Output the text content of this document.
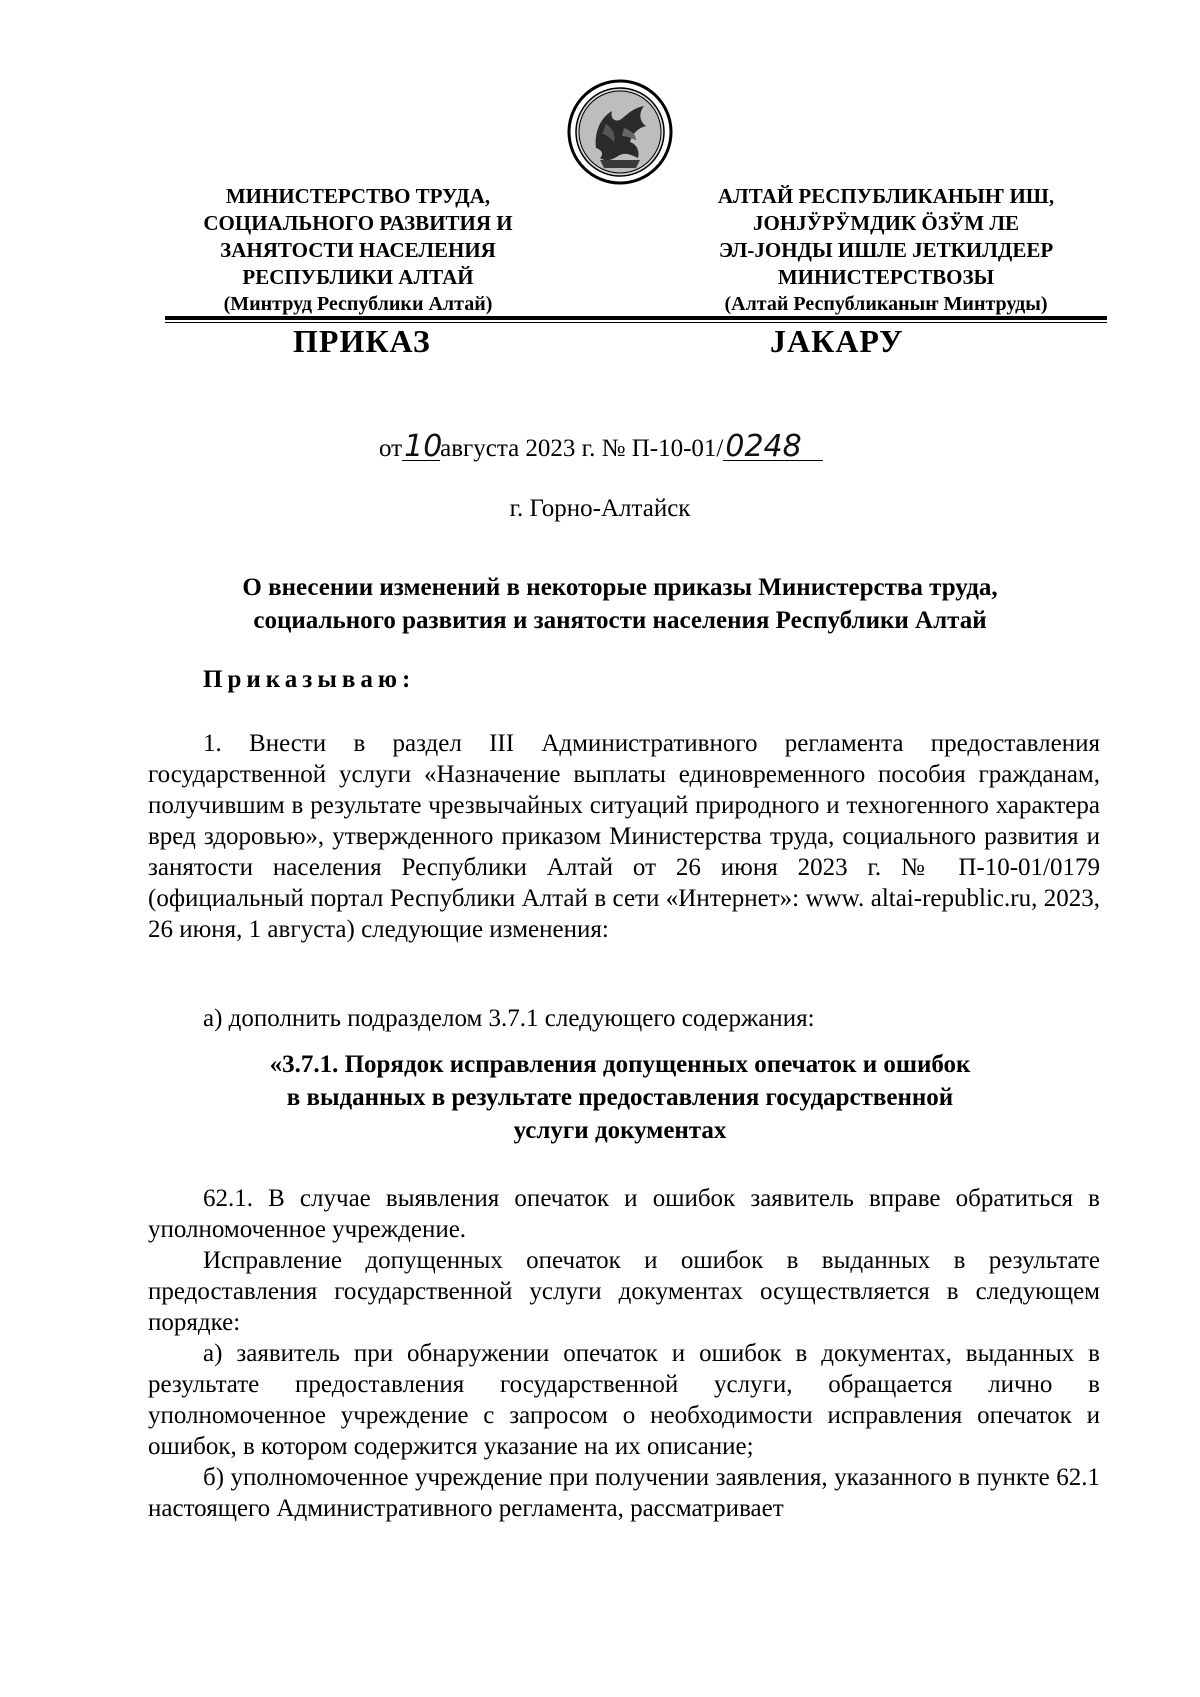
МИНИСТЕРСТВО ТРУДА,
СОЦИАЛЬНОГО РАЗВИТИЯ И
ЗАНЯТОСТИ НАСЕЛЕНИЯ
РЕСПУБЛИКИ АЛТАЙ
(Минтруд Республики Алтай)
АЛТАЙ РЕСПУБЛИКАНЫҤ ИШ,
ЈОНЈӰРӰМДИК ÖЗӰМ ЛЕ
ЭЛ-ЈОНДЫ ИШЛЕ ЈЕТКИЛДЕЕР
МИНИСТЕРСТВОЗЫ
(Алтай Республиканыҥ Минтруды)
ПРИКАЗ	ЈАКАРУ
от10августа 2023 г. № П-10-01/0248
г. Горно-Алтайск
О внесении изменений в некоторые приказы Министерства труда,
социального развития и занятости населения Республики Алтай
Приказываю:

1. Внести в раздел III Административного регламента предоставления государственной услуги «Назначение выплаты единовременного пособия гражданам, получившим в результате чрезвычайных ситуаций природного и техногенного характера вред здоровью», утвержденного приказом Министерства труда, социального развития и занятости населения Республики Алтай от 26 июня 2023 г. № П-10-01/0179 (официальный портал Республики Алтай в сети «Интернет»: www. altai-republic.ru, 2023, 26 июня, 1 августа) следующие изменения:

а) дополнить подразделом 3.7.1 следующего содержания:

«3.7.1. Порядок исправления допущенных опечаток и ошибок
в выданных в результате предоставления государственной
услуги документах

62.1. В случае выявления опечаток и ошибок заявитель вправе обратиться в уполномоченное учреждение.

Исправление допущенных опечаток и ошибок в выданных в результате предоставления государственной услуги документах осуществляется в следующем порядке:

а) заявитель при обнаружении опечаток и ошибок в документах, выданных в результате предоставления государственной услуги, обращается лично в уполномоченное учреждение с запросом о необходимости исправления опечаток и ошибок, в котором содержится указание на их описание;

б) уполномоченное учреждение при получении заявления, указанного в пункте 62.1 настоящего Административного регламента, рассматривает
